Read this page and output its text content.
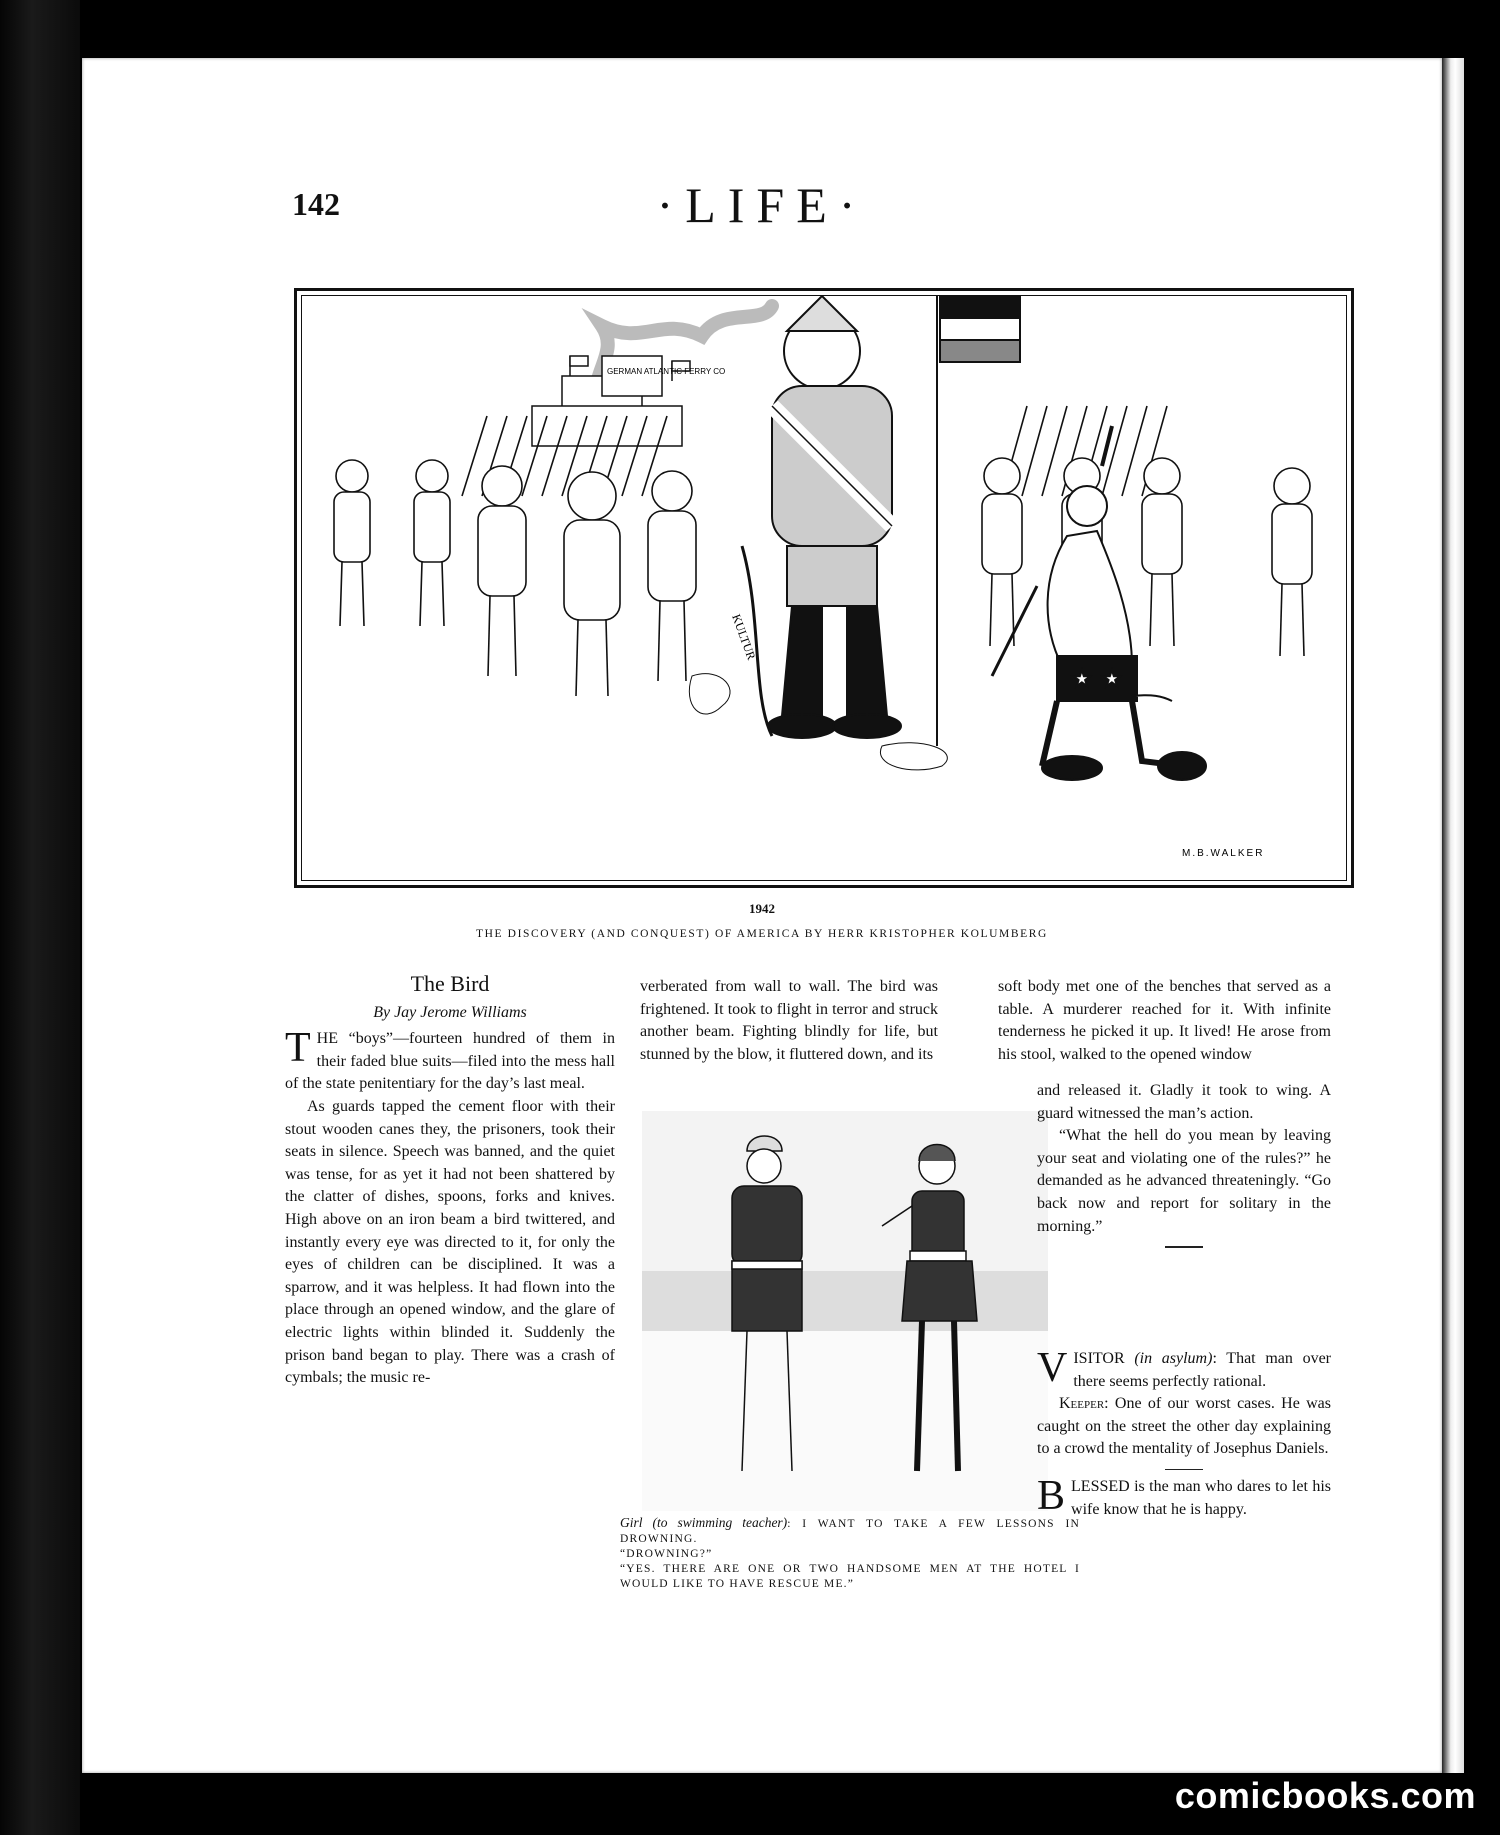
142	·LIFE·
GERMAN ATLANTIC FERRY CO
KULTUR
★ ★
M.B.WALKER
1942
THE DISCOVERY (AND CONQUEST) OF AMERICA BY HERR KRISTOPHER KOLUMBERG
The Bird
By Jay Jerome Williams

THE “boys”—fourteen hundred of them in their faded blue suits—filed into the mess hall of the state penitentiary for the day’s last meal.

As guards tapped the cement floor with their stout wooden canes they, the prisoners, took their seats in silence. Speech was banned, and the quiet was tense, for as yet it had not been shattered by the clatter of dishes, spoons, forks and knives. High above on an iron beam a bird twittered, and instantly every eye was directed to it, for only the eyes of children can be disciplined. It was a sparrow, and it was helpless. It had flown into the place through an opened window, and the glare of electric lights within blinded it. Suddenly the prison band began to play. There was a crash of cymbals; the music re-

verberated from wall to wall. The bird was frightened. It took to flight in terror and struck another beam. Fighting blindly for life, but stunned by the blow, it fluttered down, and its

Girl (to swimming teacher): I WANT TO TAKE A FEW LESSONS IN DROWNING.
“DROWNING?”
“YES. THERE ARE ONE OR TWO HANDSOME MEN AT THE HOTEL I WOULD LIKE TO HAVE RESCUE ME.”

soft body met one of the benches that served as a table. A murderer reached for it. With infinite tenderness he picked it up. It lived! He arose from his stool, walked to the opened window

and released it. Gladly it took to wing. A guard witnessed the man’s action.

“What the hell do you mean by leaving your seat and violating one of the rules?” he demanded as he advanced threateningly. “Go back now and report for solitary in the morning.”

VISITOR (in asylum): That man over there seems perfectly rational.

Keeper: One of our worst cases. He was caught on the street the other day explaining to a crowd the mentality of Josephus Daniels.

BLESSED is the man who dares to let his wife know that he is happy.

comicbooks.com
